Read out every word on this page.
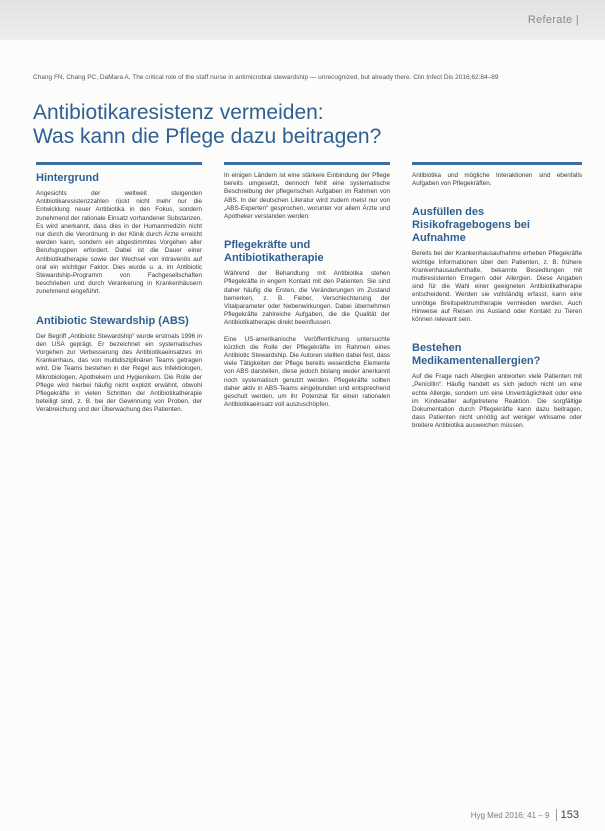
Referate |
Chang FN, Chang PC, DaMara A. The critical role of the staff nurse in antimicrobial stewardship — unrecognized, but already there. Clin Infect Dis 2016;62:84–89
Antibiotikaresistenz vermeiden:
Was kann die Pflege dazu beitragen?
Hintergrund

Angesichts der weltweit steigenden Antibiotikaresistenzzahlen rückt nicht mehr nur die Entwicklung neuer Antibiotika in den Fokus, sondern zunehmend der rationale Einsatz vorhandener Substanzen. Es wird anerkannt, dass dies in der Humanmedizin nicht nur durch die Verordnung in der Klinik durch Ärzte erreicht werden kann, sondern ein abgestimmtes Vorgehen aller Berufsgruppen erfordert. Dabei ist die Dauer einer Antibiotikatherapie sowie der Wechsel von intravenös auf oral ein wichtiger Faktor. Dies wurde u. a. im Antibiotic Stewardship-Programm von Fachgesellschaften beschrieben und durch Verankerung in Krankenhäusern zunehmend eingeführt.

Antibiotic Stewardship (ABS)

Der Begriff „Antibiotic Stewardship“ wurde erstmals 1996 in den USA geprägt. Er bezeichnet ein systematisches Vorgehen zur Verbesserung des Antibiotikaeinsatzes im Krankenhaus, das von multidisziplinären Teams getragen wird. Die Teams bestehen in der Regel aus Infektiologen, Mikrobiologen, Apothekern und Hygienikern. Die Rolle der Pflege wird hierbei häufig nicht explizit erwähnt, obwohl Pflegekräfte in vielen Schritten der Antibiotikatherapie beteiligt sind, z. B. bei der Gewinnung von Proben, der Verabreichung und der Überwachung des Patienten.

In einigen Ländern ist eine stärkere Einbindung der Pflege bereits umgesetzt, dennoch fehlt eine systematische Beschreibung der pflegerischen Aufgaben im Rahmen von ABS. In der deutschen Literatur wird zudem meist nur von „ABS-Experten“ gesprochen, worunter vor allem Ärzte und Apotheker verstanden werden.

Pflegekräfte und Antibiotikatherapie

Während der Behandlung mit Antibiotika stehen Pflegekräfte in engem Kontakt mit den Patienten. Sie sind daher häufig die Ersten, die Veränderungen im Zustand bemerken, z. B. Fieber, Verschlechterung der Vitalparameter oder Nebenwirkungen. Dabei übernehmen Pflegekräfte zahlreiche Aufgaben, die die Qualität der Antibiotikatherapie direkt beeinflussen.

Eine US-amerikanische Veröffentlichung untersuchte kürzlich die Rolle der Pflegekräfte im Rahmen eines Antibiotic Stewardship. Die Autoren stellten dabei fest, dass viele Tätigkeiten der Pflege bereits wesentliche Elemente von ABS darstellen, diese jedoch bislang weder anerkannt noch systematisch genutzt werden. Pflegekräfte sollten daher aktiv in ABS-Teams eingebunden und entsprechend geschult werden, um ihr Potenzial für einen rationalen Antibiotikaeinsatz voll auszuschöpfen.

Antibiotika und mögliche Interaktionen sind ebenfalls Aufgaben von Pflegekräften.

Ausfüllen des Risikofragebogens bei Aufnahme

Bereits bei der Krankenhausaufnahme erheben Pflegekräfte wichtige Informationen über den Patienten, z. B. frühere Krankenhausaufenthalte, bekannte Besiedlungen mit multiresistenten Erregern oder Allergien. Diese Angaben sind für die Wahl einer geeigneten Antibiotikatherapie entscheidend. Werden sie vollständig erfasst, kann eine unnötige Breitspektrumtherapie vermieden werden. Auch Hinweise auf Reisen ins Ausland oder Kontakt zu Tieren können relevant sein.

Bestehen Medikamentenallergien?

Auf die Frage nach Allergien antworten viele Patienten mit „Penicillin“. Häufig handelt es sich jedoch nicht um eine echte Allergie, sondern um eine Unverträglichkeit oder eine im Kindesalter aufgetretene Reaktion. Die sorgfältige Dokumentation durch Pflegekräfte kann dazu beitragen, dass Patienten nicht unnötig auf weniger wirksame oder breitere Antibiotika ausweichen müssen.

Hyg Med 2016; 41 – 9 153
